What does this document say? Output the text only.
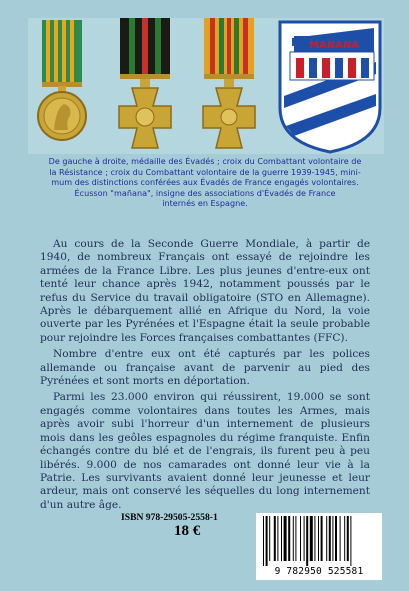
MAÑANA
De gauche à droite, médaille des Évadés ; croix du Combattant volontaire de
la Résistance ; croix du Combattant volontaire de la guerre 1939-1945, mini-
mum des distinctions conférées aux Évadés de France engagés volontaires.
Écusson "mañana", insigne des associations d'Évadés de France
internés en Espagne.

Au cours de la Seconde Guerre Mondiale, à partir de 1940, de nombreux Français ont essayé de rejoindre les armées de la France Libre. Les plus jeunes d'entre-eux ont tenté leur chance après 1942, notamment poussés par le refus du Service du travail obligatoire (STO en Allemagne). Après le débarquement allié en Afrique du Nord, la voie ouverte par les Pyrénées et l'Espagne était la seule probable pour rejoindre les Forces françaises combattantes (FFC).

Nombre d'entre eux ont été capturés par les polices allemande ou française avant de parvenir au pied des Pyrénées et sont morts en déportation.

Parmi les 23.000 environ qui réussirent, 19.000 se sont engagés comme volontaires dans toutes les Armes, mais après avoir subi l'horreur d'un internement de plusieurs mois dans les geôles espagnoles du régime franquiste. Enfin échangés contre du blé et de l'engrais, ils furent peu à peu libérés. 9.000 de nos camarades ont donné leur vie à la Patrie. Les survivants avaient donné leur jeunesse et leur ardeur, mais ont conservé les séquelles du long internement d'un autre âge.

ISBN 978-29505-2558-1
18 €
9 782950 525581
